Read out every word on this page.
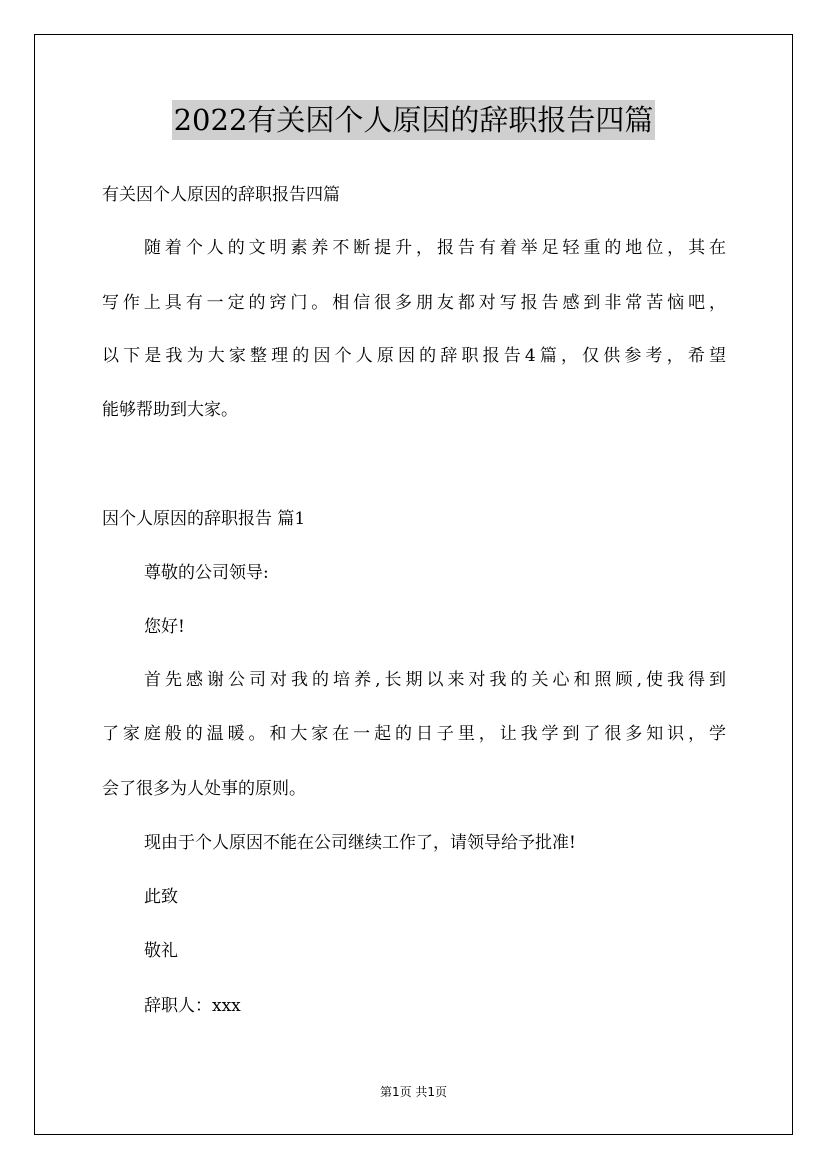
2022有关因个人原因的辞职报告四篇
有关因个人原因的辞职报告四篇
随着个人的文明素养不断提升，报告有着举足轻重的地位，其在
写作上具有一定的窍门。相信很多朋友都对写报告感到非常苦恼吧，
以下是我为大家整理的因个人原因的辞职报告4篇，仅供参考，希望
能够帮助到大家。
因个人原因的辞职报告 篇1
尊敬的公司领导:
您好!
首先感谢公司对我的培养,长期以来对我的关心和照顾,使我得到
了家庭般的温暖。和大家在一起的日子里，让我学到了很多知识，学
会了很多为人处事的原则。
现由于个人原因不能在公司继续工作了，请领导给予批准!
此致
敬礼
辞职人：xxx
第1页 共1页
